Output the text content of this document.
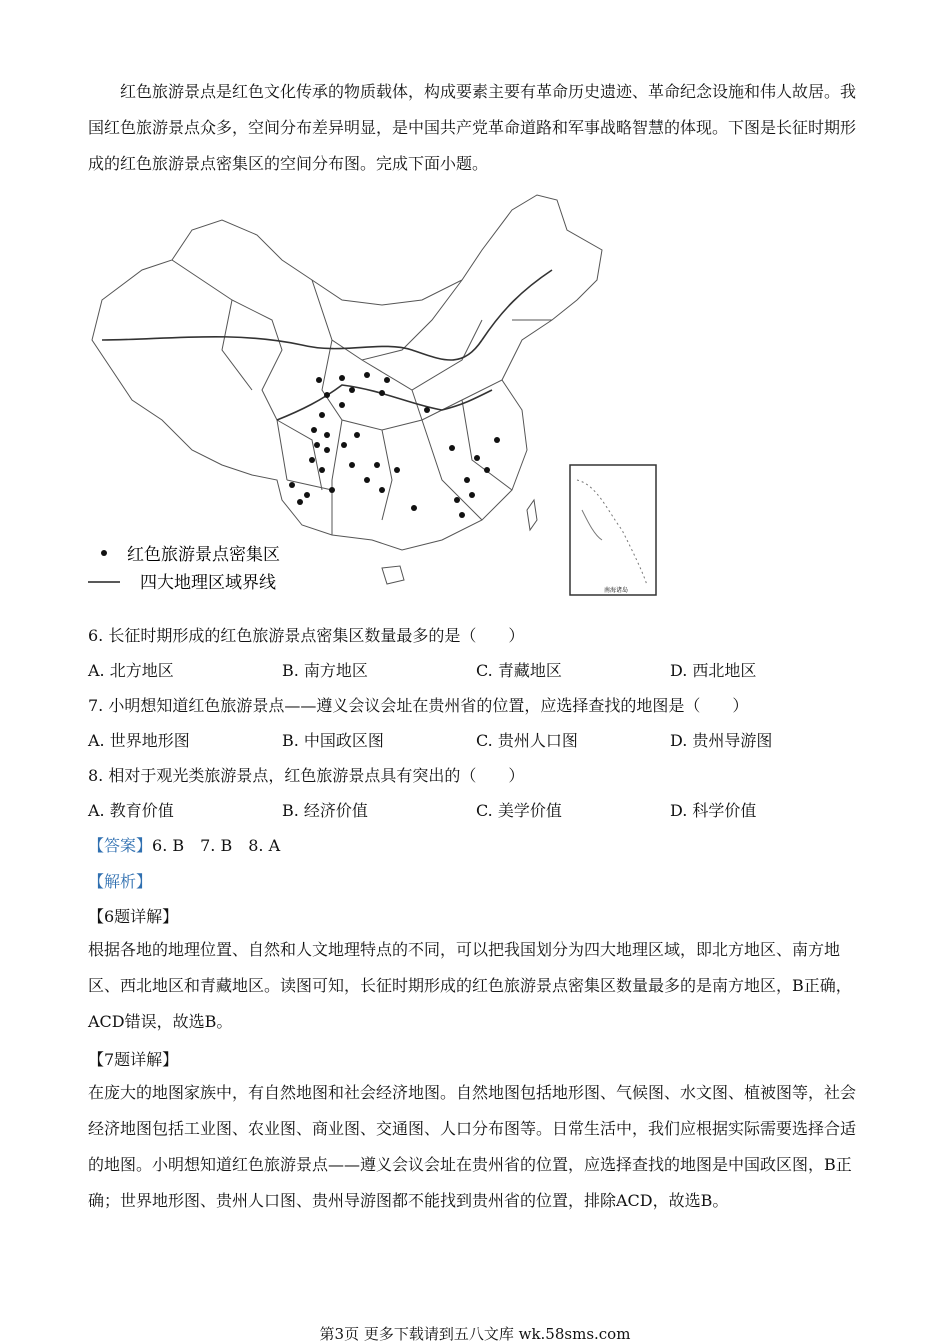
红色旅游景点是红色文化传承的物质载体，构成要素主要有革命历史遗迹、革命纪念设施和伟人故居。我国红色旅游景点众多，空间分布差异明显，是中国共产党革命道路和军事战略智慧的体现。下图是长征时期形成的红色旅游景点密集区的空间分布图。完成下面小题。

南海诸岛
红色旅游景点密集区
四大地理区域界线
6. 长征时期形成的红色旅游景点密集区数量最多的是（　　）
A. 北方地区	B. 南方地区	C. 青藏地区	D. 西北地区
7. 小明想知道红色旅游景点——遵义会议会址在贵州省的位置，应选择查找的地图是（　　）
A. 世界地形图	B. 中国政区图	C. 贵州人口图	D. 贵州导游图
8. 相对于观光类旅游景点，红色旅游景点具有突出的（　　）
A. 教育价值	B. 经济价值	C. 美学价值	D. 科学价值
【答案】6. B　7. B　8. A
【解析】
【6题详解】

根据各地的地理位置、自然和人文地理特点的不同，可以把我国划分为四大地理区域，即北方地区、南方地区、西北地区和青藏地区。读图可知，长征时期形成的红色旅游景点密集区数量最多的是南方地区，B正确，ACD错误，故选B。

【7题详解】

在庞大的地图家族中，有自然地图和社会经济地图。自然地图包括地形图、气候图、水文图、植被图等，社会经济地图包括工业图、农业图、商业图、交通图、人口分布图等。日常生活中，我们应根据实际需要选择合适的地图。小明想知道红色旅游景点——遵义会议会址在贵州省的位置，应选择查找的地图是中国政区图，B正确；世界地形图、贵州人口图、贵州导游图都不能找到贵州省的位置，排除ACD，故选B。

第3页 更多下载请到五八文库 wk.58sms.com
